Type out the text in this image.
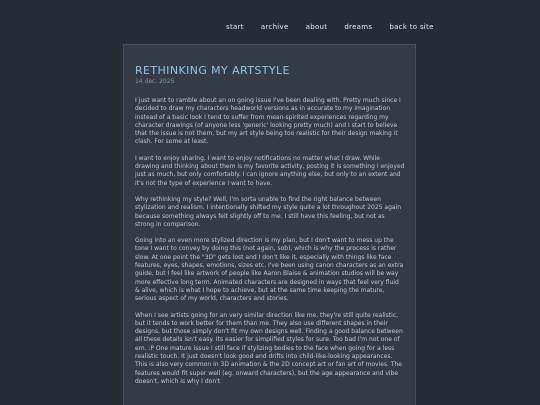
start archive about dreams back to site
RETHINKING MY ARTSTYLE
14 dec. 2025

I just want to ramble about an on going issue I've been dealing with. Pretty much since I decided to draw my characters headworld versions as in accurate to my imagination instead of a basic look I tend to suffer from mean-spirited experiences regarding my character drawings (of anyone less 'generic' looking pretty much) and I start to believe that the issue is not them, but my art style being too realistic for their design making it clash. For some at least.

I want to enjoy sharing, I want to enjoy notifications no matter what I draw. While drawing and thinking about them is my favorite activity, posting it is something I enjoyed just as much, but only comfortably. I can ignore anything else, but only to an extent and it's not the type of experience I want to have.

Why rethinking my style? Well, I'm sorta unable to find the right balance between stylization and realism. I intentionally shifted my style quite a lot throughout 2025 again because something always felt slightly off to me. I still have this feeling, but not as strong in comparison.

Going into an even more stylized direction is my plan, but I don't want to mess up the tone I want to convey by doing this (not again, sob), which is why the process is rather slow. At one point the "3D" gets lost and I don't like it, especially with things like face features, eyes, shapes, emotions, sizes etc. I've been using canon characters as an extra guide, but I feel like artwork of people like Aaron Blaise & animation studios will be way more effective long term. Animated characters are designed in ways that feel very fluid & alive, which is what I hope to achieve, but at the same time keeping the mature, serious aspect of my world, characters and stories.

When I see artists going for an very similar direction like me, they're still quite realistic, but it tends to work better for them than me. They also use different shapes in their designs, but those simply don't fit my own designs well. Finding a good balance between all these details isn't easy. Its easier for simplified styles for sure. Too bad I'm not one of em. :P One mature issue I still face if stylizing bodies to the face when going for a less realistic touch. It just doesn't look good and drifts into child-like-looking appearances. This is also very common in 3D animation & the 2D concept art or fan art of movies. The features would fit super well (eg. onward characters), but the age appearance and vibe doesn't, which is why I don't
